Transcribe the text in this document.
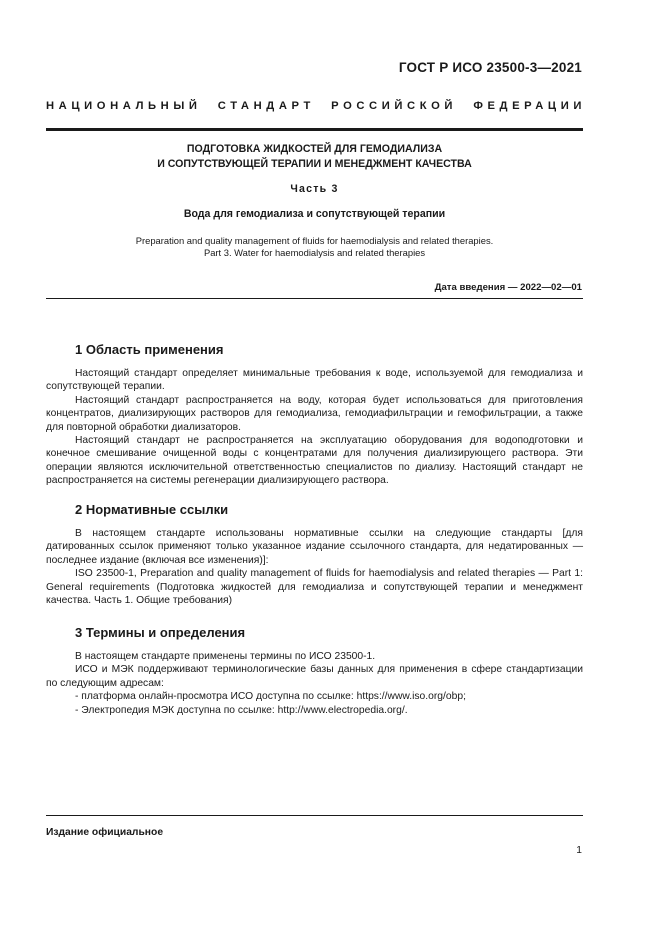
ГОСТ Р ИСО 23500-3—2021
НАЦИОНАЛЬНЫЙ СТАНДАРТ РОССИЙСКОЙ ФЕДЕРАЦИИ
ПОДГОТОВКА ЖИДКОСТЕЙ ДЛЯ ГЕМОДИАЛИЗА
И СОПУТСТВУЮЩЕЙ ТЕРАПИИ И МЕНЕДЖМЕНТ КАЧЕСТВА
Часть 3
Вода для гемодиализа и сопутствующей терапии
Preparation and quality management of fluids for haemodialysis and related therapies.
Part 3. Water for haemodialysis and related therapies
Дата введения — 2022—02—01

1 Область применения

Настоящий стандарт определяет минимальные требования к воде, используемой для гемодиализа и сопутствующей терапии.

Настоящий стандарт распространяется на воду, которая будет использоваться для приготовления концентратов, диализирующих растворов для гемодиализа, гемодиафильтрации и гемофильтрации, а также для повторной обработки диализаторов.

Настоящий стандарт не распространяется на эксплуатацию оборудования для водоподготовки и конечное смешивание очищенной воды с концентратами для получения диализирующего раствора. Эти операции являются исключительной ответственностью специалистов по диализу. Настоящий стандарт не распространяется на системы регенерации диализирующего раствора.

2 Нормативные ссылки

В настоящем стандарте использованы нормативные ссылки на следующие стандарты [для датированных ссылок применяют только указанное издание ссылочного стандарта, для недатированных — последнее издание (включая все изменения)]:

ISO 23500-1, Preparation and quality management of fluids for haemodialysis and related therapies — Part 1: General requirements (Подготовка жидкостей для гемодиализа и сопутствующей терапии и менеджмент качества. Часть 1. Общие требования)

3 Термины и определения

В настоящем стандарте применены термины по ИСО 23500-1.

ИСО и МЭК поддерживают терминологические базы данных для применения в сфере стандартизации по следующим адресам:

- платформа онлайн-просмотра ИСО доступна по ссылке: https://www.iso.org/obp;

- Электропедия МЭК доступна по ссылке: http://www.electropedia.org/.

Издание официальное
1
